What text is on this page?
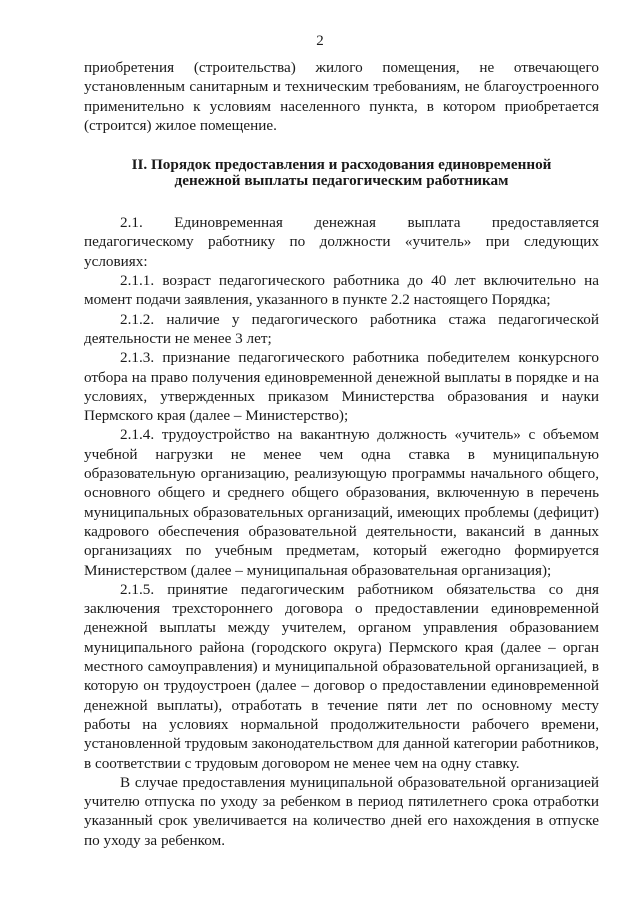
2

приобретения (строительства) жилого помещения, не отвечающего установленным санитарным и техническим требованиям, не благоустроенного применительно к условиям населенного пункта, в котором приобретается (строится) жилое помещение.

II. Порядок предоставления и расходования единовременной
денежной выплаты педагогическим работникам

2.1. Единовременная денежная выплата предоставляется педагогическому работнику по должности «учитель» при следующих условиях:

2.1.1. возраст педагогического работника до 40 лет включительно на момент подачи заявления, указанного в пункте 2.2 настоящего Порядка;

2.1.2. наличие у педагогического работника стажа педагогической деятельности не менее 3 лет;

2.1.3. признание педагогического работника победителем конкурсного отбора на право получения единовременной денежной выплаты в порядке и на условиях, утвержденных приказом Министерства образования и науки Пермского края (далее – Министерство);

2.1.4. трудоустройство на вакантную должность «учитель» с объемом учебной нагрузки не менее чем одна ставка в муниципальную образовательную организацию, реализующую программы начального общего, основного общего и среднего общего образования, включенную в перечень муниципальных образовательных организаций, имеющих проблемы (дефицит) кадрового обеспечения образовательной деятельности, вакансий в данных организациях по учебным предметам, который ежегодно формируется Министерством (далее – муниципальная образовательная организация);

2.1.5. принятие педагогическим работником обязательства со дня заключения трехстороннего договора о предоставлении единовременной денежной выплаты между учителем, органом управления образованием муниципального района (городского округа) Пермского края (далее – орган местного самоуправления) и муниципальной образовательной организацией, в которую он трудоустроен (далее – договор о предоставлении единовременной денежной выплаты), отработать в течение пяти лет по основному месту работы на условиях нормальной продолжительности рабочего времени, установленной трудовым законодательством для данной категории работников, в соответствии с трудовым договором не менее чем на одну ставку.

В случае предоставления муниципальной образовательной организацией учителю отпуска по уходу за ребенком в период пятилетнего срока отработки указанный срок увеличивается на количество дней его нахождения в отпуске по уходу за ребенком.
